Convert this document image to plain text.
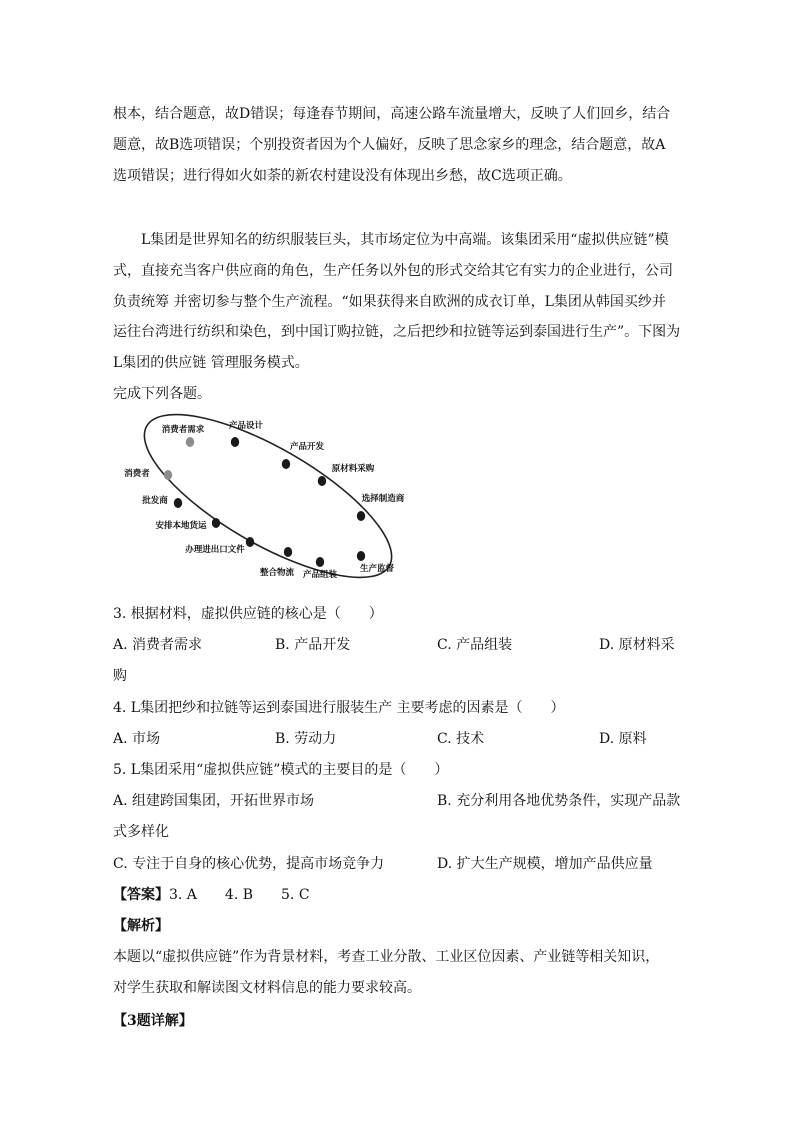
根本，结合题意，故D错误；每逢春节期间，高速公路车流量增大，反映了人们回乡，结合
题意，故B选项错误；个别投资者因为个人偏好，反映了思念家乡的理念，结合题意，故A
选项错误；进行得如火如荼的新农村建设没有体现出乡愁，故C选项正确。
L集团是世界知名的纺织服装巨头，其市场定位为中高端。该集团采用“虚拟供应链”模
式，直接充当客户供应商的角色，生产任务以外包的形式交给其它有实力的企业进行，公司
负责统筹 并密切参与整个生产流程。“如果获得来自欧洲的成衣订单，L集团从韩国买纱并
运往台湾进行纺织和染色，到中国订购拉链，之后把纱和拉链等运到泰国进行生产”。下图为
L集团的供应链 管理服务模式。
完成下列各题。
消费者需求	产品设计
产品开发
原材料采购
选择制造商
生产监督
产品组装
整合物流
办理进出口文件
安排本地货运
批发商
消费者
3. 根据材料，虚拟供应链的核心是（　　）
A. 消费者需求	B. 产品开发	C. 产品组装	D. 原材料采
购
4. L集团把纱和拉链等运到泰国进行服装生产 主要考虑的因素是（　　）
A. 市场	B. 劳动力	C. 技术	D. 原料
5. L集团采用“虚拟供应链”模式的主要目的是（　　）
A. 组建跨国集团，开拓世界市场	B. 充分利用各地优势条件，实现产品款
式多样化
C. 专注于自身的核心优势，提高市场竞争力	D. 扩大生产规模，增加产品供应量
【答案】3. A　　4. B　　5. C
【解析】
本题以“虚拟供应链”作为背景材料，考查工业分散、工业区位因素、产业链等相关知识，
对学生获取和解读图文材料信息的能力要求较高。
【3题详解】
